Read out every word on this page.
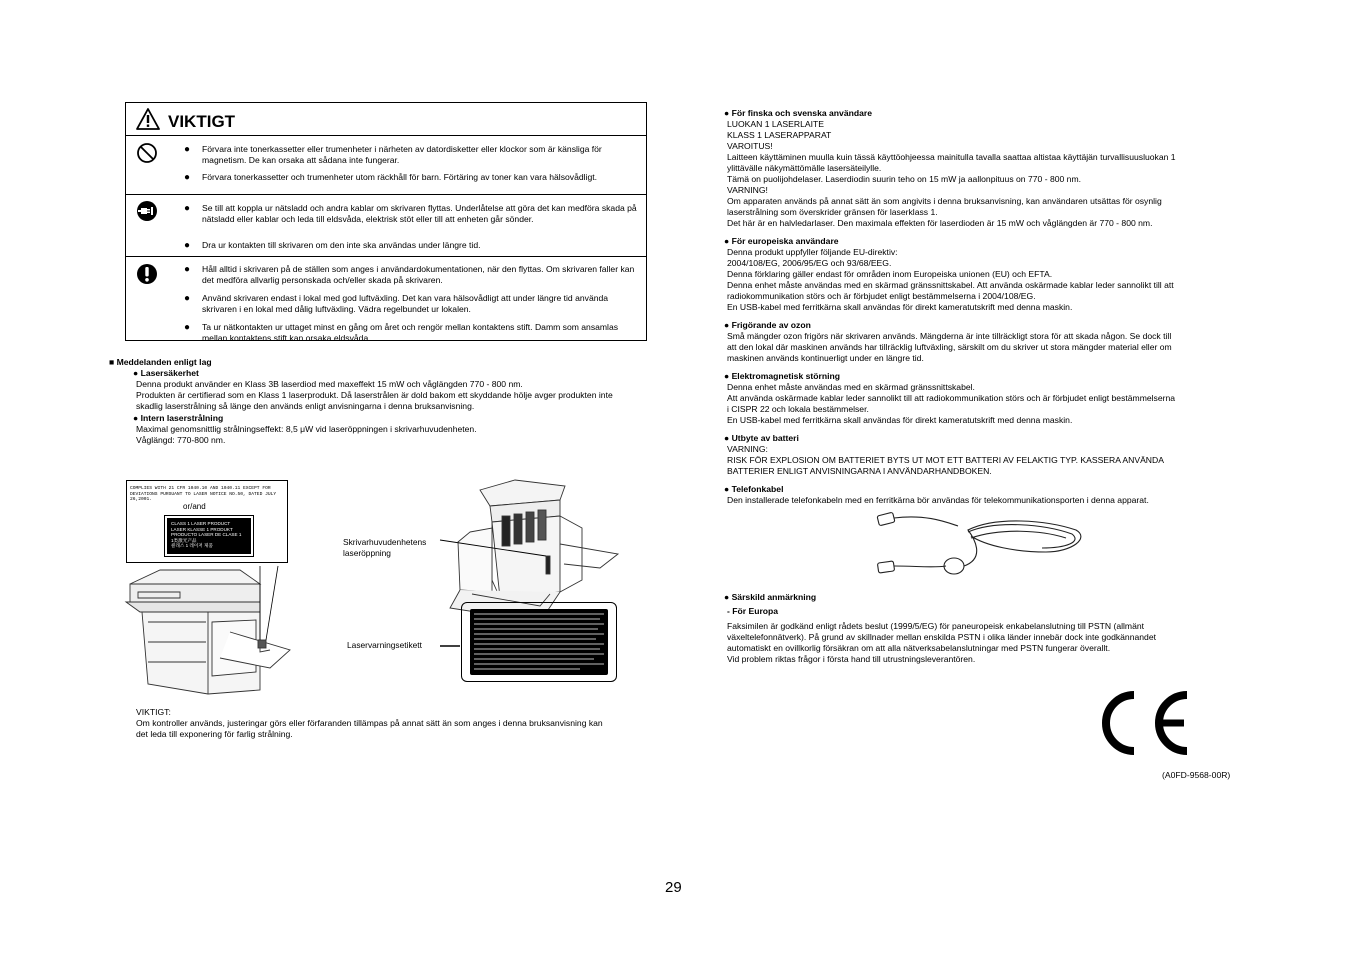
VIKTIGT
● Förvara inte tonerkassetter eller trumenheter i närheten av datordisketter eller klockor som är känsliga för magnetism. De kan orsaka att sådana inte fungerar.
● Förvara tonerkassetter och trumenheter utom räckhåll för barn. Förtäring av toner kan vara hälsovådligt.
● Se till att koppla ur nätsladd och andra kablar om skrivaren flyttas. Underlåtelse att göra det kan medföra skada på nätsladd eller kablar och leda till eldsvåda, elektrisk stöt eller till att enheten går sönder.
● Dra ur kontakten till skrivaren om den inte ska användas under längre tid.
● Håll alltid i skrivaren på de ställen som anges i användardokumentationen, när den flyttas. Om skrivaren faller kan det medföra allvarlig personskada och/eller skada på skrivaren.
● Använd skrivaren endast i lokal med god luftväxling. Det kan vara hälsovådligt att under längre tid använda skrivaren i en lokal med dålig luftväxling. Vädra regelbundet ur lokalen.
● Ta ur nätkontakten ur uttaget minst en gång om året och rengör mellan kontaktens stift. Damm som ansamlas mellan kontaktens stift kan orsaka eldsvåda.

■ Meddelanden enligt lag

● Lasersäkerhet

Denna produkt använder en Klass 3B laserdiod med maxeffekt 15 mW och våglängden 770 - 800 nm.

Produkten är certifierad som en Klass 1 laserprodukt. Då laserstrålen är dold bakom ett skyddande hölje avger produkten inte

skadlig laserstrålning så länge den används enligt anvisningarna i denna bruksanvisning.

● Intern laserstrålning

Maximal genomsnittlig strålningseffekt: 8,5 μW vid laseröppningen i skrivarhuvudenheten.

Våglängd: 770-800 nm.

COMPLIES WITH 21 CFR 1040.10 AND 1040.11 EXCEPT FOR
DEVIATIONS PURSUANT TO LASER NOTICE NO.50, DATED JULY 26,2001.
or/and
CLASS 1 LASER PRODUCT
LASER KLASSE 1 PRODUKT
PRODUCTO LASER DE CLASE 1
1类激光产品
클래스 1 레이저 제품	Skrivarhuvudenhetens
laseröppning
Laservarningsetikett

VIKTIGT:

Om kontroller används, justeringar görs eller förfaranden tillämpas på annat sätt än som anges i denna bruksanvisning kan

det leda till exponering för farlig strålning.

● För finska och svenska användare

LUOKAN 1 LASERLAITE

KLASS 1 LASERAPPARAT

VAROITUS!

Laitteen käyttäminen muulla kuin tässä käyttöohjeessa mainitulla tavalla saattaa altistaa käyttäjän turvallisuusluokan 1

ylittävälle näkymättömälle lasersäteilylle.

Tämä on puolijohdelaser. Laserdiodin suurin teho on 15 mW ja aallonpituus on 770 - 800 nm.

VARNING!

Om apparaten används på annat sätt än som angivits i denna bruksanvisning, kan användaren utsättas för osynlig

laserstrålning som överskrider gränsen för laserklass 1.

Det här är en halvledarlaser. Den maximala effekten för laserdioden är 15 mW och våglängden är 770 - 800 nm.

● För europeiska användare

Denna produkt uppfyller följande EU-direktiv:

2004/108/EG, 2006/95/EG och 93/68/EEG.

Denna förklaring gäller endast för områden inom Europeiska unionen (EU) och EFTA.

Denna enhet måste användas med en skärmad gränssnittskabel. Att använda oskärmade kablar leder sannolikt till att

radiokommunikation störs och är förbjudet enligt bestämmelserna i 2004/108/EG.

En USB-kabel med ferritkärna skall användas för direkt kameratutskrift med denna maskin.

● Frigörande av ozon

Små mängder ozon frigörs när skrivaren används. Mängderna är inte tillräckligt stora för att skada någon. Se dock till

att den lokal där maskinen används har tillräcklig luftväxling, särskilt om du skriver ut stora mängder material eller om

maskinen används kontinuerligt under en längre tid.

● Elektromagnetisk störning

Denna enhet måste användas med en skärmad gränssnittskabel.

Att använda oskärmade kablar leder sannolikt till att radiokommunikation störs och är förbjudet enligt bestämmelserna

i CISPR 22 och lokala bestämmelser.

En USB-kabel med ferritkärna skall användas för direkt kameratutskrift med denna maskin.

● Utbyte av batteri

VARNING:

RISK FÖR EXPLOSION OM BATTERIET BYTS UT MOT ETT BATTERI AV FELAKTIG TYP. KASSERA ANVÄNDA

BATTERIER ENLIGT ANVISNINGARNA I ANVÄNDARHANDBOKEN.

● Telefonkabel

Den installerade telefonkabeln med en ferritkärna bör användas för telekommunikationsporten i denna apparat.

● Särskild anmärkning

- För Europa

Faksimilen är godkänd enligt rådets beslut (1999/5/EG) för paneuropeisk enkabelanslutning till PSTN (allmänt

växeltelefonnätverk). På grund av skillnader mellan enskilda PSTN i olika länder innebär dock inte godkännandet

automatiskt en ovillkorlig försäkran om att alla nätverksabelanslutningar med PSTN fungerar överallt.

Vid problem riktas frågor i första hand till utrustningsleverantören.

(A0FD-9568-00R)

29
